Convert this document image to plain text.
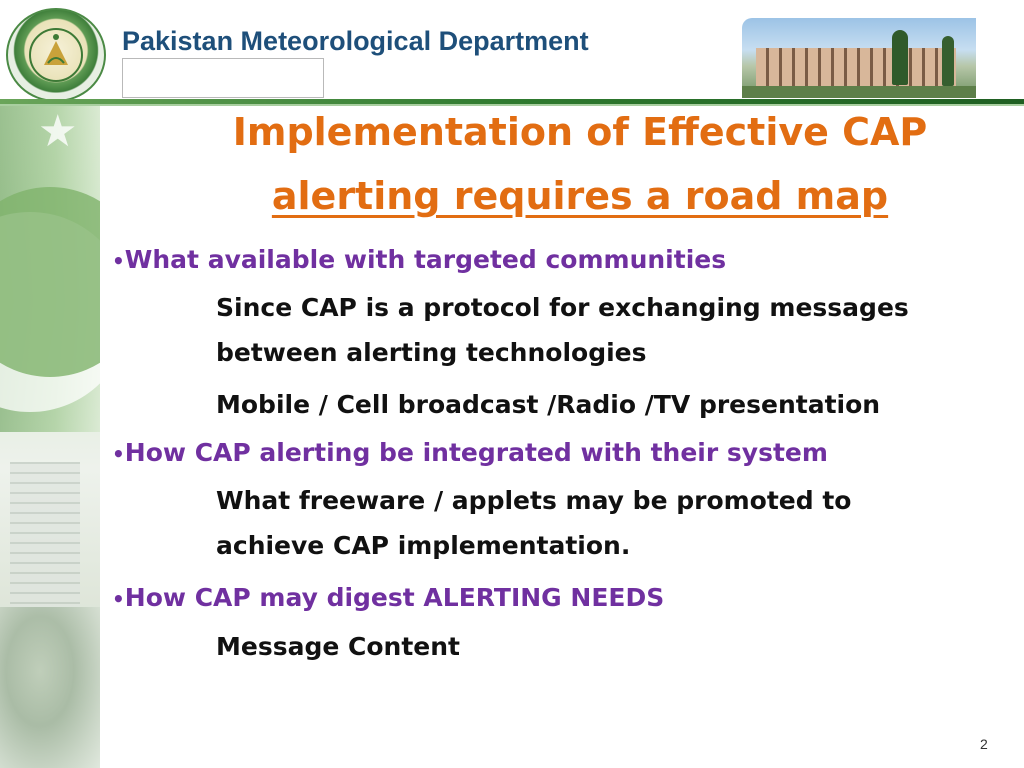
★
Pakistan Meteorological Department
Implementation of Effective CAP
alerting requires a road map
•What available with targeted communities
Since CAP is a protocol for exchanging messages
between alerting technologies
Mobile / Cell broadcast /Radio /TV presentation
•How CAP alerting be integrated with their system
What freeware / applets may be promoted to
achieve CAP implementation.
•How CAP may digest ALERTING NEEDS
Message Content
2
